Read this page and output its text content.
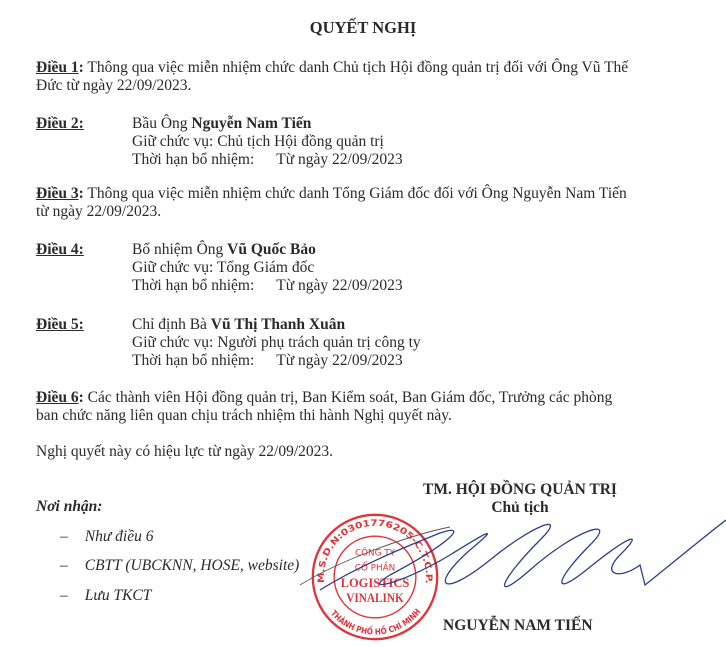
QUYẾT NGHỊ
Điều 1: Thông qua việc miễn nhiệm chức danh Chủ tịch Hội đồng quản trị đối với Ông Vũ Thế
Đức từ ngày 22/09/2023.
Điều 2:	Bầu Ông Nguyễn Nam Tiến
Giữ chức vụ: Chủ tịch Hội đồng quản trị
Thời hạn bổ nhiệm: Từ ngày 22/09/2023
Điều 3: Thông qua việc miễn nhiệm chức danh Tổng Giám đốc đối với Ông Nguyễn Nam Tiến
từ ngày 22/09/2023.
Điều 4:	Bổ nhiệm Ông Vũ Quốc Bảo
Giữ chức vụ: Tổng Giám đốc
Thời hạn bổ nhiệm: Từ ngày 22/09/2023
Điều 5:	Chỉ định Bà Vũ Thị Thanh Xuân
Giữ chức vụ: Người phụ trách quản trị công ty
Thời hạn bổ nhiệm: Từ ngày 22/09/2023
Điều 6: Các thành viên Hội đồng quản trị, Ban Kiểm soát, Ban Giám đốc, Trưởng các phòng
ban chức năng liên quan chịu trách nhiệm thi hành Nghị quyết này.
Nghị quyết này có hiệu lực từ ngày 22/09/2023.
Nơi nhận:
– Như điều 6
– CBTT (UBCKNN, HOSE, website)
– Lưu TKCT
TM. HỘI ĐỒNG QUẢN TRỊ
Chủ tịch
M.S.D.N:0301776205-C.T.C.P.
THÀNH PHỐ HỒ CHÍ MINH
CÔNG TY
CỔ PHẦN
LOGISTICS
VINALINK
NGUYỄN NAM TIẾN
